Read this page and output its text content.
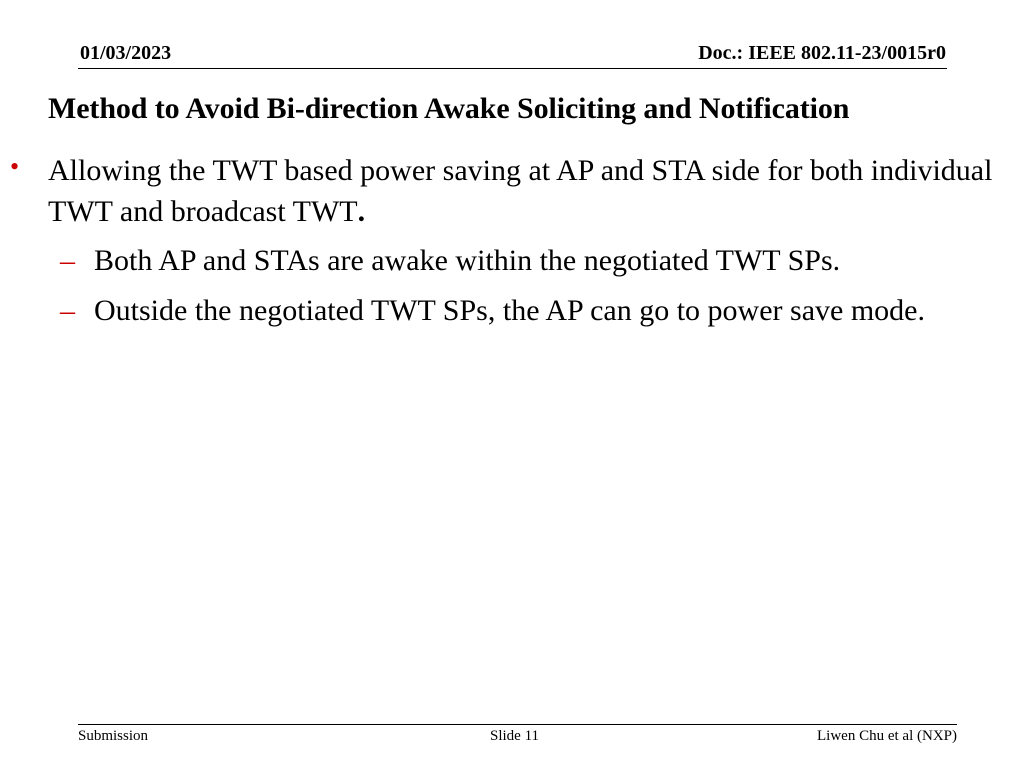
01/03/2023	Doc.: IEEE 802.11-23/0015r0
Method to Avoid Bi-direction Awake Soliciting and Notification
• Allowing the TWT based power saving at AP and STA side for both individual TWT and broadcast TWT.
– Both AP and STAs are awake within the negotiated TWT SPs.
– Outside the negotiated TWT SPs, the AP can go to power save mode.
Submission	Slide 11	Liwen Chu et al (NXP)
